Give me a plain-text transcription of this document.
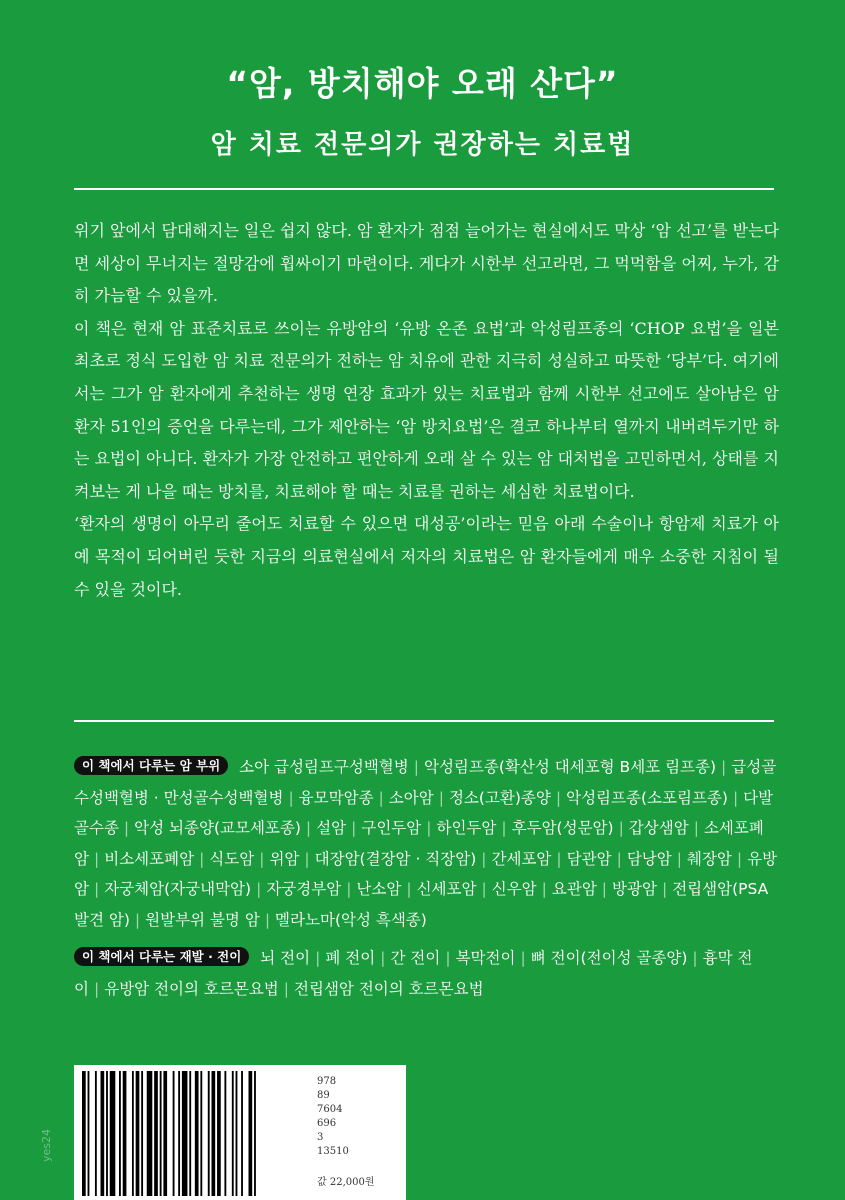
“암, 방치해야 오래 산다”
암 치료 전문의가 권장하는 치료법

위기 앞에서 담대해지는 일은 쉽지 않다. 암 환자가 점점 늘어가는 현실에서도 막상 ‘암 선고’를 받는다면 세상이 무너지는 절망감에 휩싸이기 마련이다. 게다가 시한부 선고라면, 그 먹먹함을 어찌, 누가, 감히 가늠할 수 있을까.

이 책은 현재 암 표준치료로 쓰이는 유방암의 ‘유방 온존 요법’과 악성림프종의 ‘CHOP 요법’을 일본 최초로 정식 도입한 암 치료 전문의가 전하는 암 치유에 관한 지극히 성실하고 따뜻한 ‘당부’다. 여기에서는 그가 암 환자에게 추천하는 생명 연장 효과가 있는 치료법과 함께 시한부 선고에도 살아남은 암 환자 51인의 증언을 다루는데, 그가 제안하는 ‘암 방치요법’은 결코 하나부터 열까지 내버려두기만 하는 요법이 아니다. 환자가 가장 안전하고 편안하게 오래 살 수 있는 암 대처법을 고민하면서, 상태를 지켜보는 게 나을 때는 방치를, 치료해야 할 때는 치료를 권하는 세심한 치료법이다.

‘환자의 생명이 아무리 줄어도 치료할 수 있으면 대성공’이라는 믿음 아래 수술이나 항암제 치료가 아예 목적이 되어버린 듯한 지금의 의료현실에서 저자의 치료법은 암 환자들에게 매우 소중한 지침이 될 수 있을 것이다.

이 책에서 다루는 암 부위 소아 급성림프구성백혈병 | 악성림프종(확산성 대세포형 B세포 림프종) | 급성골수성백혈병 · 만성골수성백혈병 | 융모막암종 | 소아암 | 정소(고환)종양 | 악성림프종(소포림프종) | 다발골수종 | 악성 뇌종양(교모세포종) | 설암 | 구인두암 | 하인두암 | 후두암(성문암) | 갑상샘암 | 소세포폐암 | 비소세포폐암 | 식도암 | 위암 | 대장암(결장암 · 직장암) | 간세포암 | 담관암 | 담낭암 | 췌장암 | 유방암 | 자궁체암(자궁내막암) | 자궁경부암 | 난소암 | 신세포암 | 신우암 | 요관암 | 방광암 | 전립샘암(PSA 발견 암) | 원발부위 불명 암 | 멜라노마(악성 흑색종)
이 책에서 다루는 재발 · 전이 뇌 전이 | 폐 전이 | 간 전이 | 복막전이 | 뼈 전이(전이성 골종양) | 흉막 전이 | 유방암 전이의 호르몬요법 | 전립샘암 전이의 호르몬요법
978
89
7604
696
3
13510
값 22,000원
yes24
